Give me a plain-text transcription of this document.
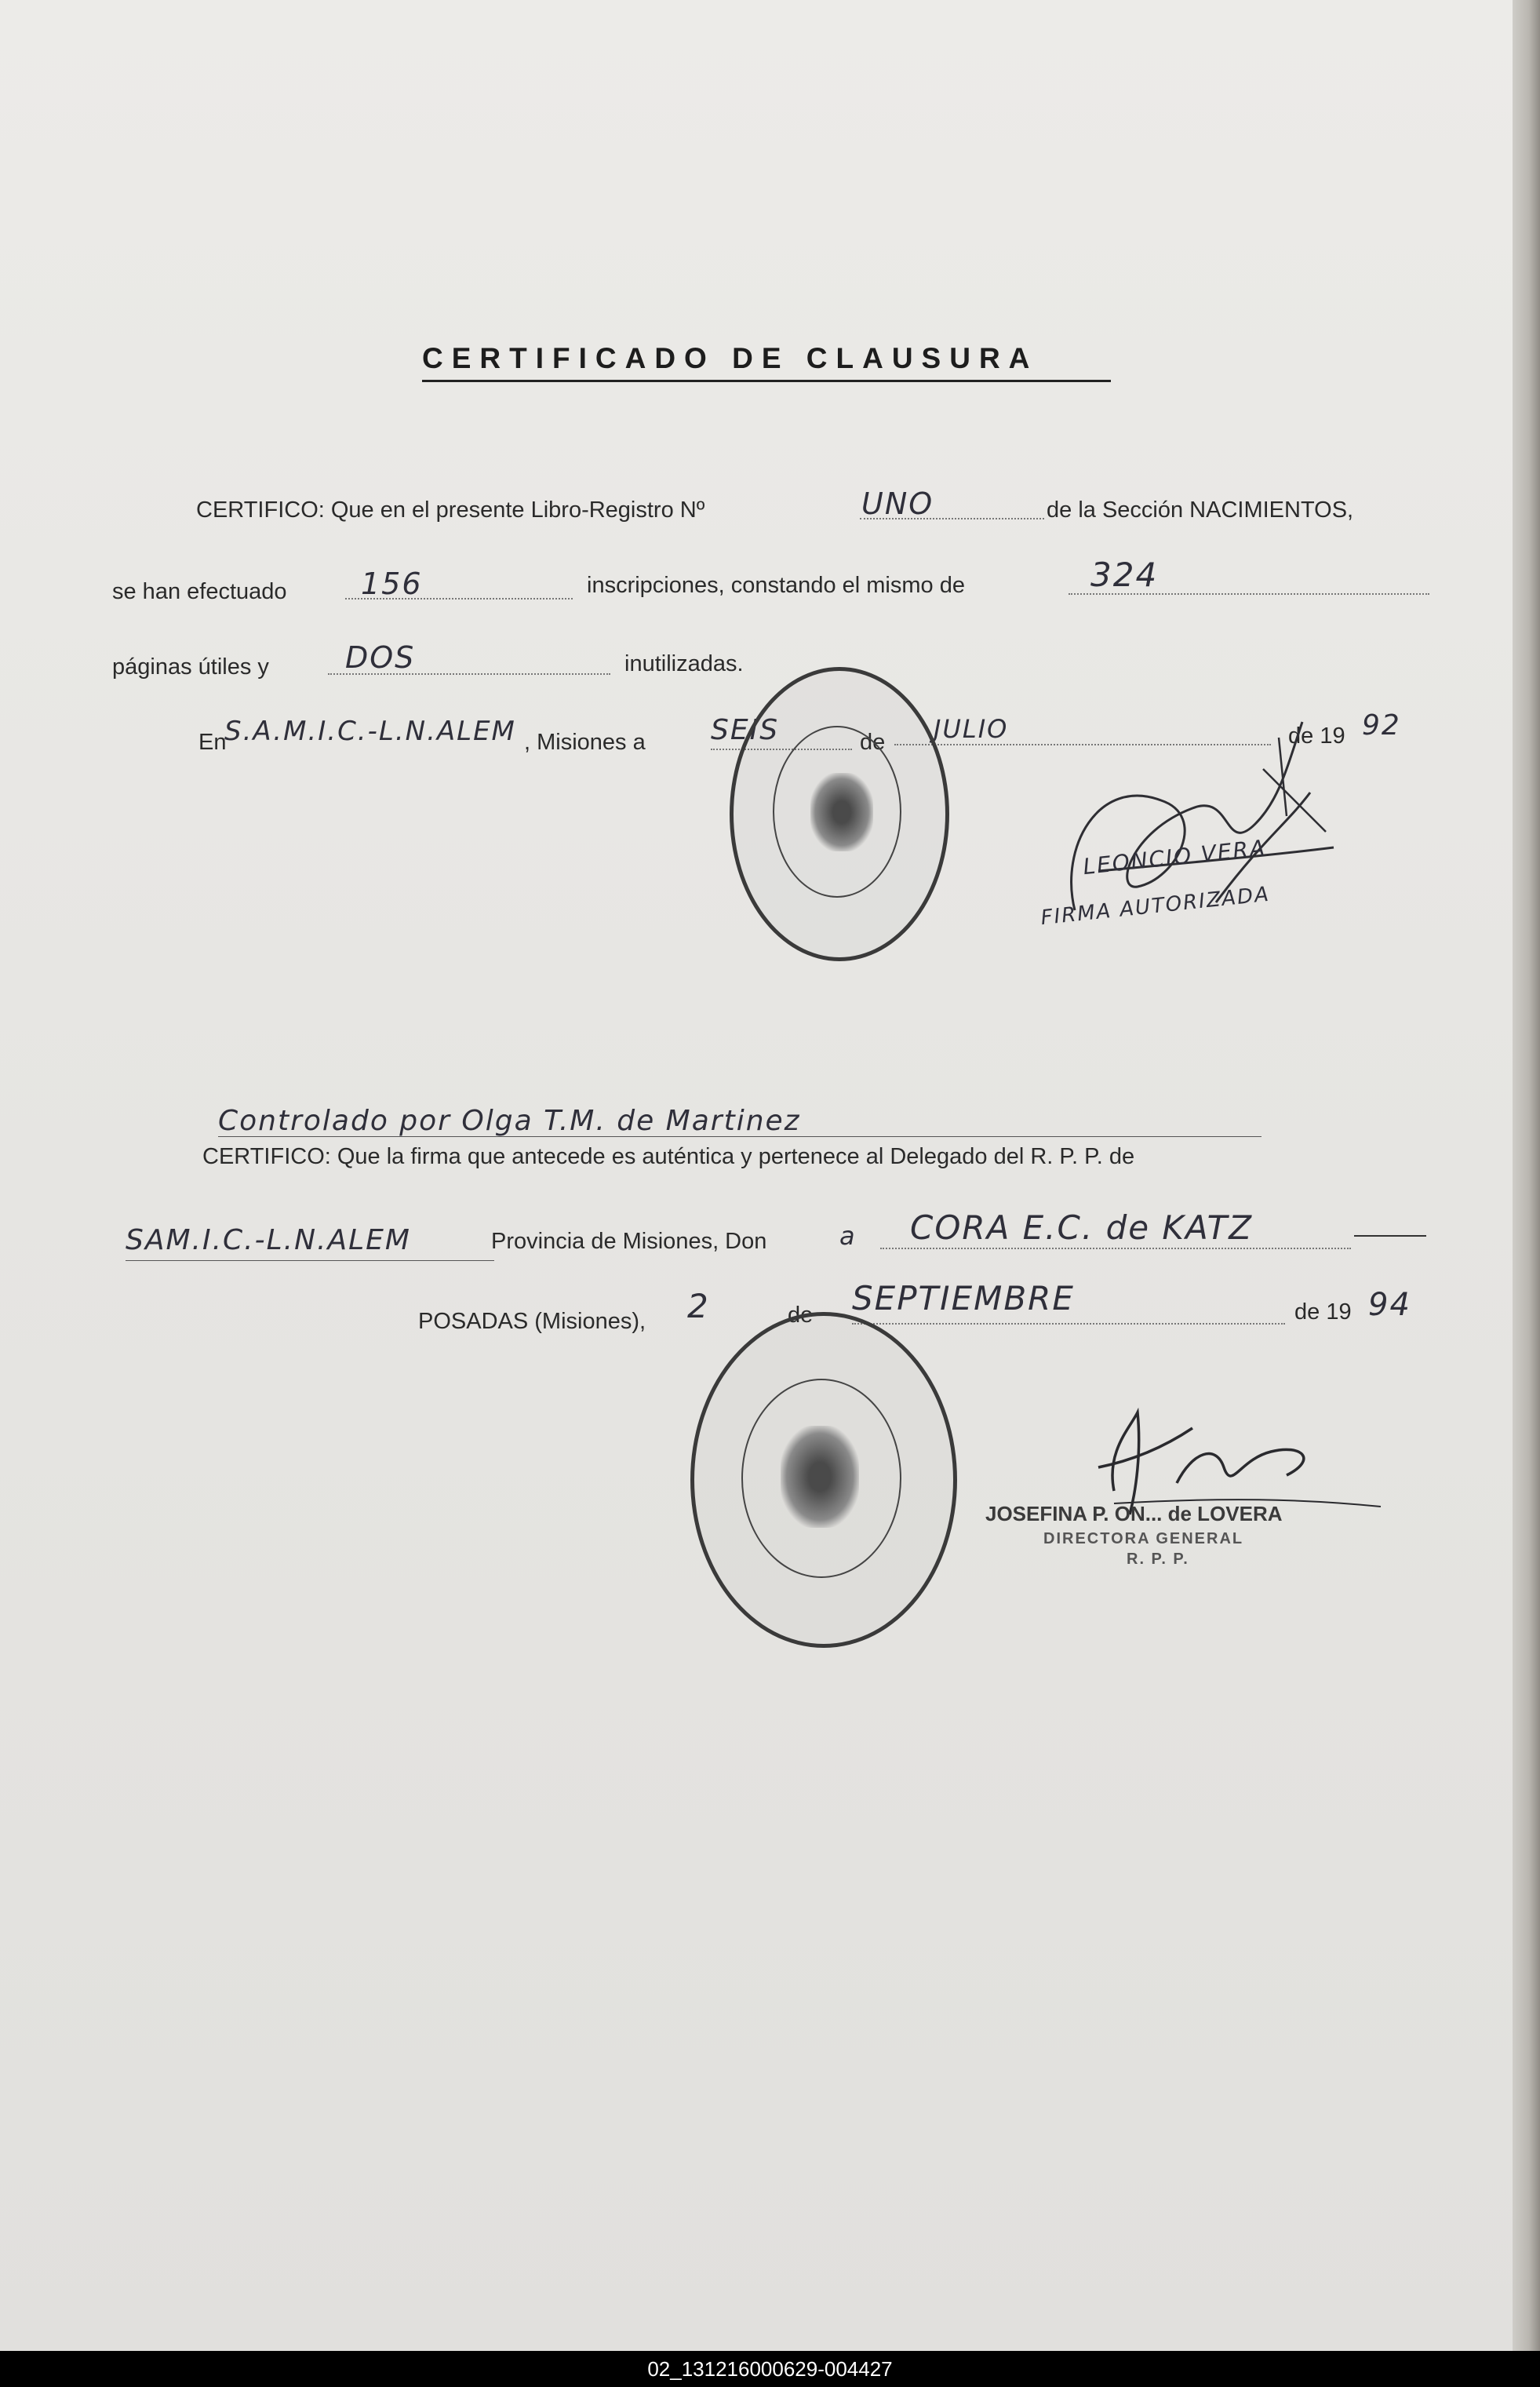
CERTIFICADO DE CLAUSURA
CERTIFICO: Que en el presente Libro-Registro Nº	UNO	de la Sección NACIMIENTOS,
se han efectuado 156	inscripciones, constando el mismo de	324
páginas útiles y	DOS	inutilizadas.
En
S.A.M.I.C.-L.N.ALEM , Misiones a SEIS	de JULIO	de 19 92
LEONCIO VERA
FIRMA AUTORIZADA
Controlado por Olga T.M. de Martinez
CERTIFICO: Que la firma que antecede es auténtica y pertenece al Delegado del R. P. P. de
SAM.I.C.-L.N.ALEM	Provincia de Misiones, Don	a CORA E.C. de KATZ
POSADAS (Misiones), 2	de SEPTIEMBRE	de 19 94
JOSEFINA P. ON... de LOVERA
DIRECTORA GENERAL
R. P. P.
02_131216000629-004427
